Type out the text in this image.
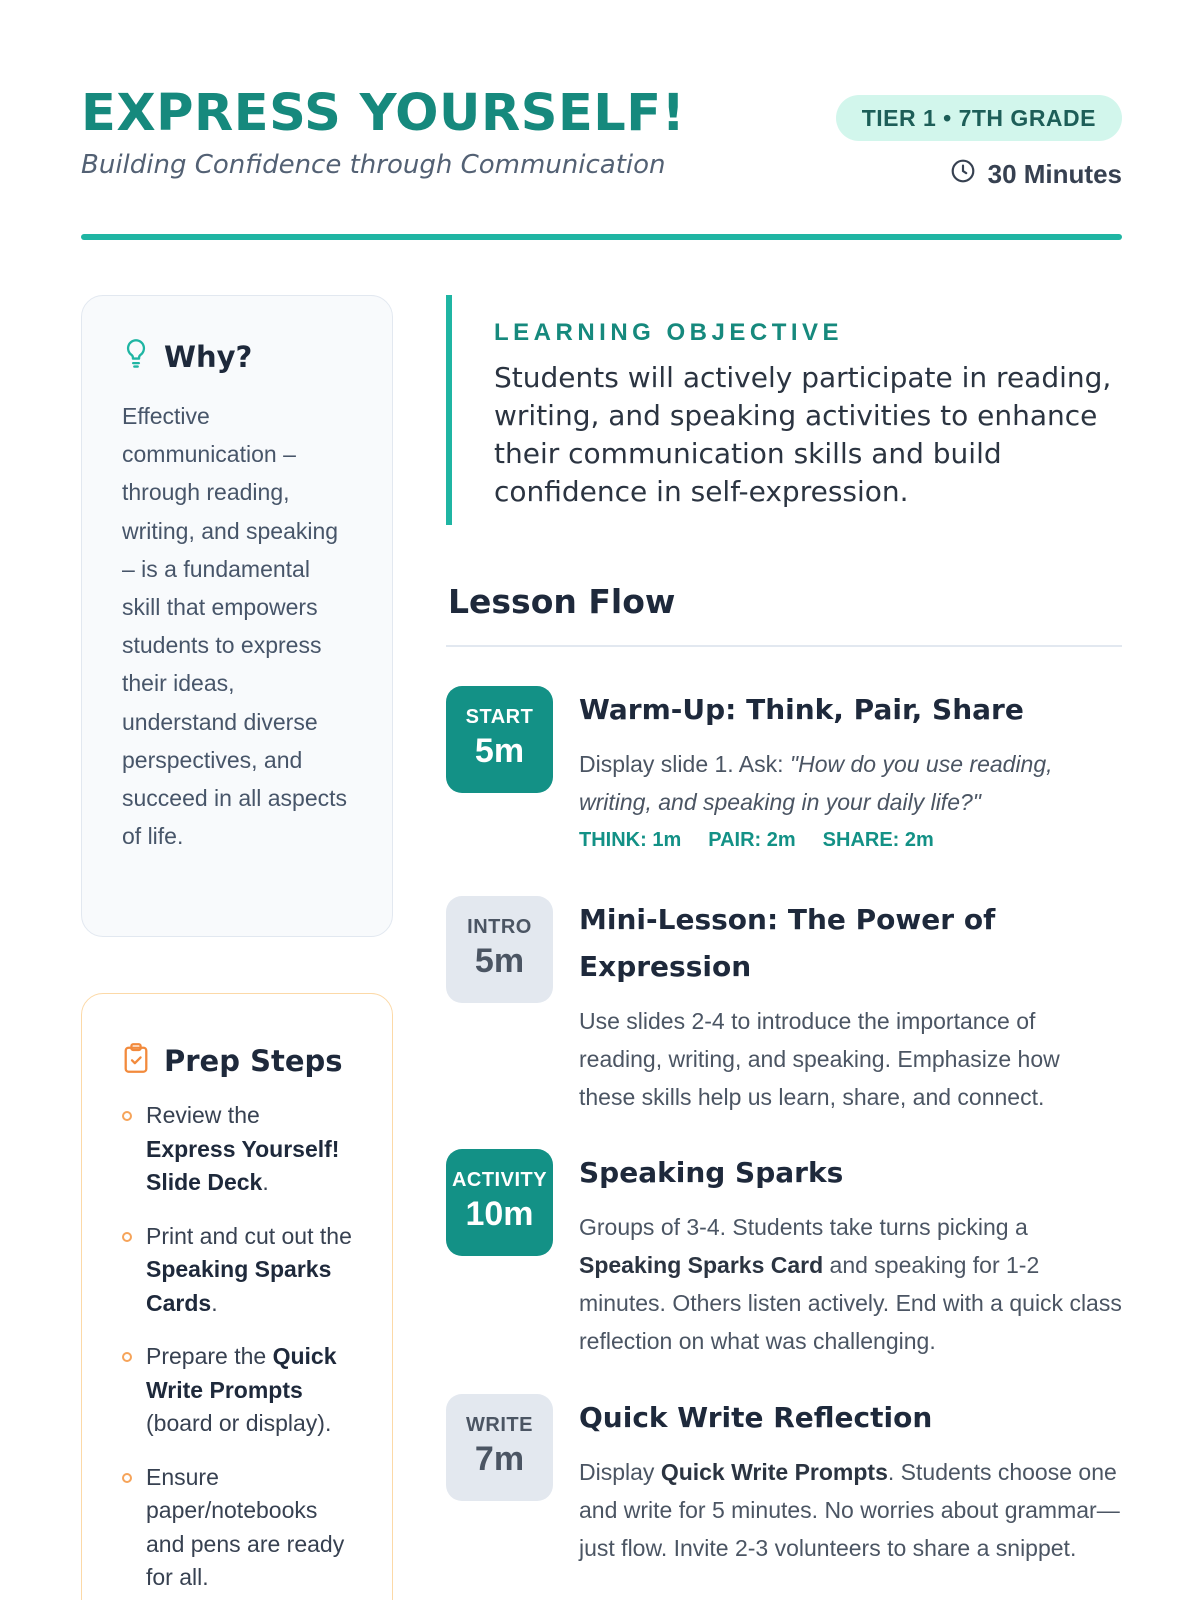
EXPRESS YOURSELF!
Building Confidence through Communication
TIER 1 • 7TH GRADE
30 Minutes
Why?

Effective communication – through reading, writing, and speaking – is a fundamental skill that empowers students to express their ideas, understand diverse perspectives, and succeed in all aspects of life.

Prep Steps
Review the Express Yourself! Slide Deck.
Print and cut out the Speaking Sparks Cards.
Prepare the Quick Write Prompts (board or display).
Ensure paper/notebooks and pens are ready for all.
LEARNING OBJECTIVE

Students will actively participate in reading, writing, and speaking activities to enhance their communication skills and build confidence in self-expression.

Lesson Flow
START
5m
Warm-Up: Think, Pair, Share

Display slide 1. Ask: "How do you use reading, writing, and speaking in your daily life?"

THINK: 1m PAIR: 2m SHARE: 2m
INTRO
5m
Mini-Lesson: The Power of Expression

Use slides 2-4 to introduce the importance of reading, writing, and speaking. Emphasize how these skills help us learn, share, and connect.

ACTIVITY
10m
Speaking Sparks

Groups of 3-4. Students take turns picking a Speaking Sparks Card and speaking for 1-2 minutes. Others listen actively. End with a quick class reflection on what was challenging.

WRITE
7m
Quick Write Reflection

Display Quick Write Prompts. Students choose one and write for 5 minutes. No worries about grammar—just flow. Invite 2-3 volunteers to share a snippet.
